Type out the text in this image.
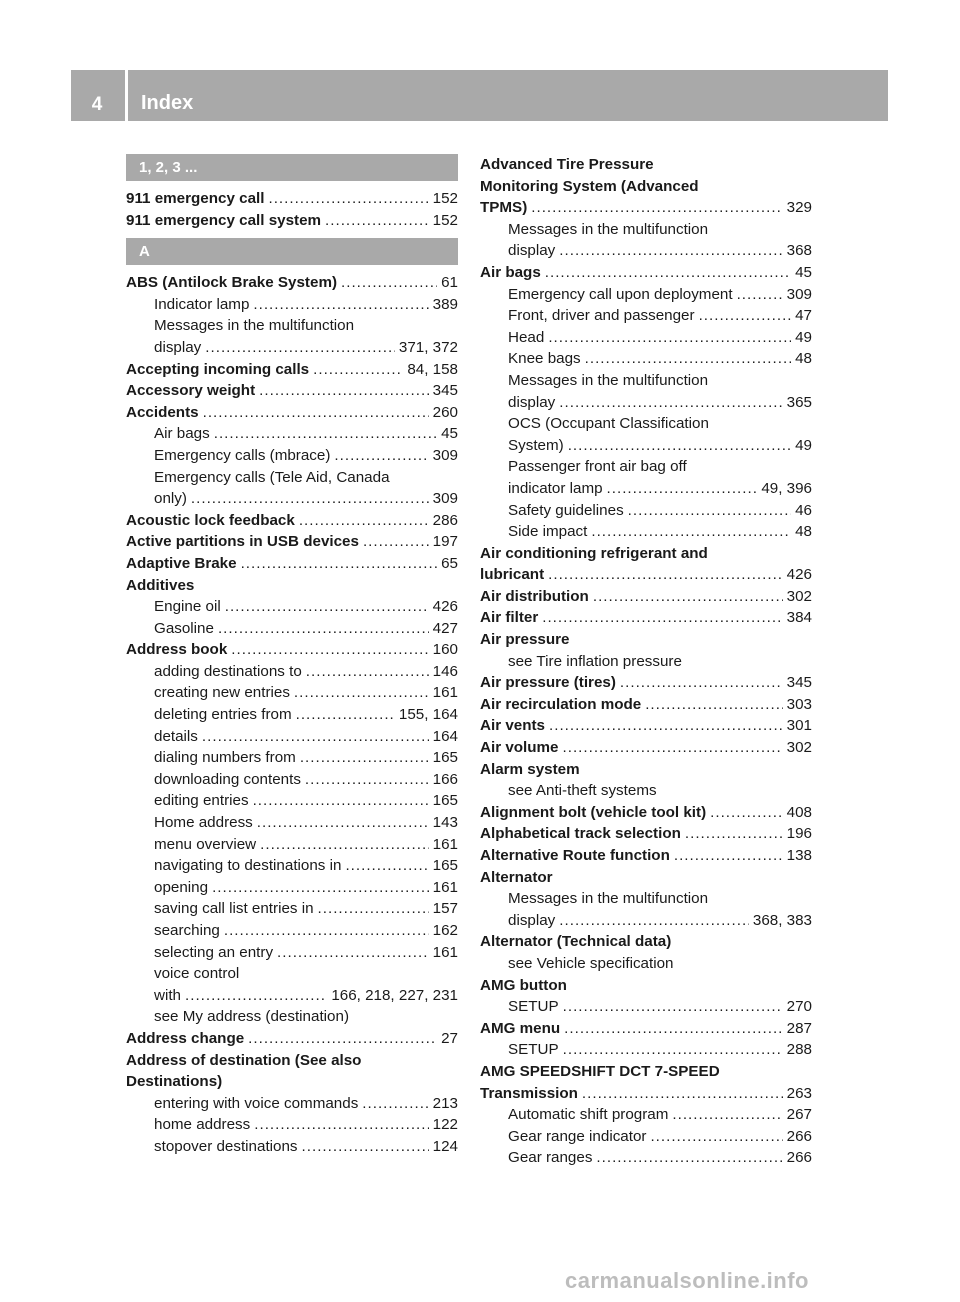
4	Index
1, 2, 3 ...
911 emergency call .....	152
911 emergency call system .....	152
A
ABS (Antilock Brake System) .....	61
Indicator lamp .....	389
Messages in the multifunction
display .....	371, 372
Accepting incoming calls .....	84, 158
Accessory weight .....	345
Accidents .....	260
Air bags .....	45
Emergency calls (mbrace) .....	309
Emergency calls (Tele Aid, Canada
only) .....	309
Acoustic lock feedback .....	286
Active partitions in USB devices .....	197
Adaptive Brake .....	65
Additives
Engine oil .....	426
Gasoline .....	427
Address book .....	160
adding destinations to .....	146
creating new entries .....	161
deleting entries from .....	155, 164
details .....	164
dialing numbers from .....	165
downloading contents .....	166
editing entries .....	165
Home address .....	143
menu overview .....	161
navigating to destinations in .....	165
opening .....	161
saving call list entries in .....	157
searching .....	162
selecting an entry .....	161
voice control
with .....	166, 218, 227, 231
see My address (destination)
Address change .....	27
Address of destination (See also
Destinations)
entering with voice commands .....	213
home address .....	122
stopover destinations .....	124
Advanced Tire Pressure
Monitoring System (Advanced
TPMS) .....	329
Messages in the multifunction
display .....	368
Air bags .....	45
Emergency call upon deployment .....	309
Front, driver and passenger .....	47
Head .....	49
Knee bags .....	48
Messages in the multifunction
display .....	365
OCS (Occupant Classification
System) .....	49
Passenger front air bag off
indicator lamp .....	49, 396
Safety guidelines .....	46
Side impact .....	48
Air conditioning refrigerant and
lubricant .....	426
Air distribution .....	302
Air filter .....	384
Air pressure
see Tire inflation pressure
Air pressure (tires) .....	345
Air recirculation mode .....	303
Air vents .....	301
Air volume .....	302
Alarm system
see Anti-theft systems
Alignment bolt (vehicle tool kit) .....	408
Alphabetical track selection .....	196
Alternative Route function .....	138
Alternator
Messages in the multifunction
display .....	368, 383
Alternator (Technical data)
see Vehicle specification
AMG button
SETUP .....	270
AMG menu .....	287
SETUP .....	288
AMG SPEEDSHIFT DCT 7-SPEED
Transmission .....	263
Automatic shift program .....	267
Gear range indicator .....	266
Gear ranges .....	266
carmanualsonline.info
